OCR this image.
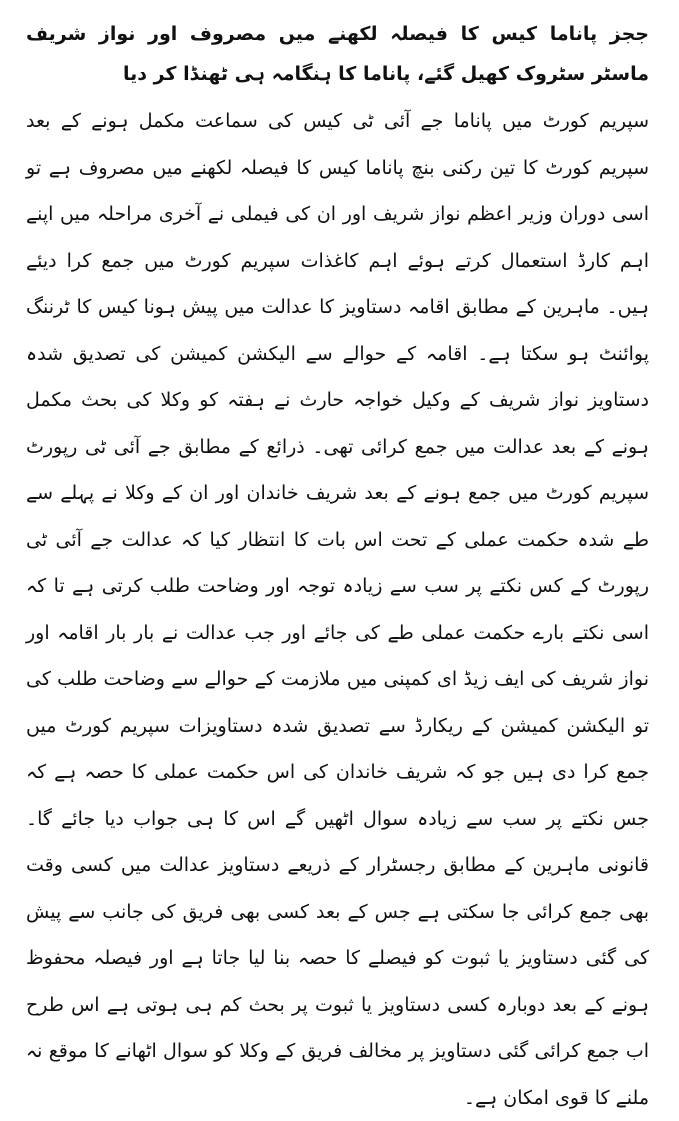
ججز پاناما کیس کا فیصلہ لکھنے میں مصروف اور نواز شریف ماسٹر سٹروک کھیل گئے، پاناما کا ہنگامہ ہی ٹھنڈا کر دیا

سپریم کورٹ میں پاناما جے آئی ٹی کیس کی سماعت مکمل ہونے کے بعد سپریم کورٹ کا تین رکنی بنچ پاناما کیس کا فیصلہ لکھنے میں مصروف ہے تو اسی دوران وزیر اعظم نواز شریف اور ان کی فیملی نے آخری مراحلہ میں اپنے اہم کارڈ استعمال کرتے ہوئے اہم کاغذات سپریم کورٹ میں جمع کرا دیئے ہیں۔ ماہرین کے مطابق اقامہ دستاویز کا عدالت میں پیش ہونا کیس کا ٹرننگ پوائنٹ ہو سکتا ہے۔ اقامہ کے حوالے سے الیکشن کمیشن کی تصدیق شدہ دستاویز نواز شریف کے وکیل خواجہ حارث نے ہفتہ کو وکلا کی بحث مکمل ہونے کے بعد عدالت میں جمع کرائی تھی۔ ذرائع کے مطابق جے آئی ٹی رپورٹ سپریم کورٹ میں جمع ہونے کے بعد شریف خاندان اور ان کے وکلا نے پہلے سے طے شدہ حکمت عملی کے تحت اس بات کا انتظار کیا کہ عدالت جے آئی ٹی رپورٹ کے کس نکتے پر سب سے زیادہ توجہ اور وضاحت طلب کرتی ہے تا کہ اسی نکتے بارے حکمت عملی طے کی جائے اور جب عدالت نے بار بار اقامہ اور نواز شریف کی ایف زیڈ ای کمپنی میں ملازمت کے حوالے سے وضاحت طلب کی تو الیکشن کمیشن کے ریکارڈ سے تصدیق شدہ دستاویزات سپریم کورٹ میں جمع کرا دی ہیں جو کہ شریف خاندان کی اس حکمت عملی کا حصہ ہے کہ جس نکتے پر سب سے زیادہ سوال اٹھیں گے اس کا ہی جواب دیا جائے گا۔ قانونی ماہرین کے مطابق رجسٹرار کے ذریعے دستاویز عدالت میں کسی وقت بھی جمع کرائی جا سکتی ہے جس کے بعد کسی بھی فریق کی جانب سے پیش کی گئی دستاویز یا ثبوت کو فیصلے کا حصہ بنا لیا جاتا ہے اور فیصلہ محفوظ ہونے کے بعد دوبارہ کسی دستاویز یا ثبوت پر بحث کم ہی ہوتی ہے اس طرح اب جمع کرائی گئی دستاویز پر مخالف فریق کے وکلا کو سوال اٹھانے کا موقع نہ ملنے کا قوی امکان ہے۔
